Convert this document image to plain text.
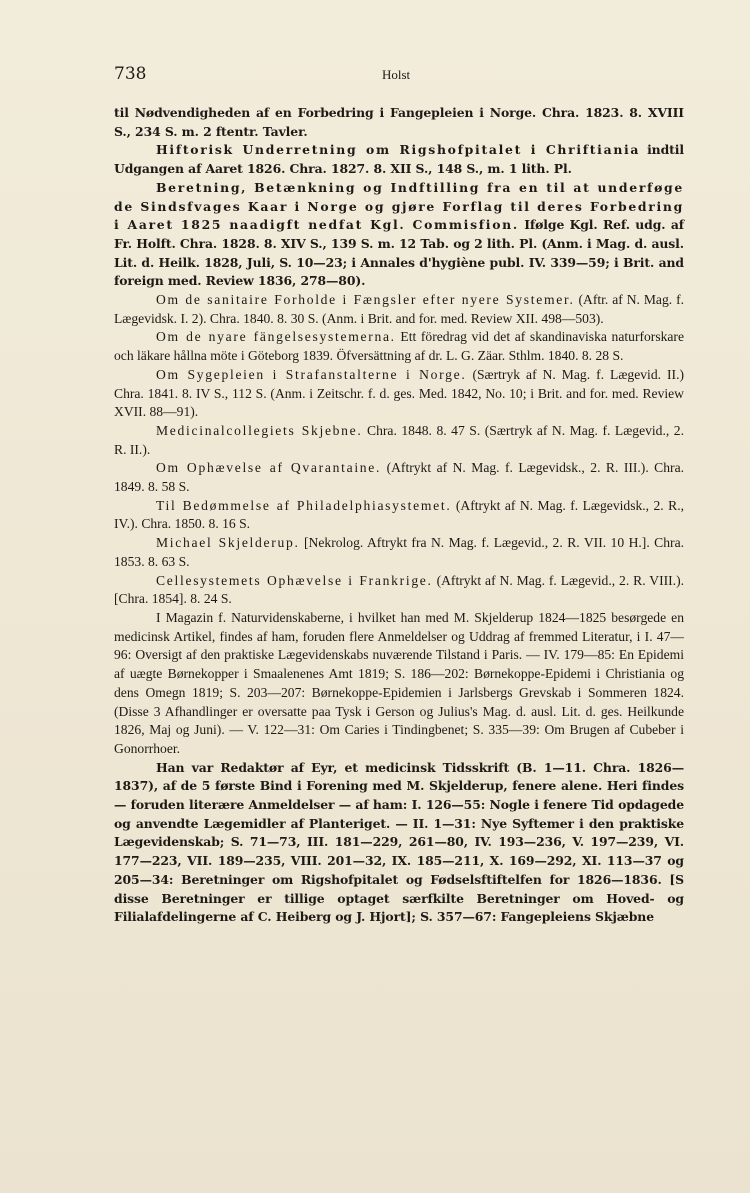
738	Holst

til Nødvendigheden af en Forbedring i Fangepleien i Norge. Chra. 1823. 8. XVIII S., 234 S. m. 2 ftentr. Tavler.

Hiftorisk Underretning om Rigshofpitalet i Chriftiania indtil Udgangen af Aaret 1826. Chra. 1827. 8. XII S., 148 S., m. 1 lith. Pl.

Beretning, Betænkning og Indftilling fra en til at underføge de Sindsfvages Kaar i Norge og gjøre Forflag til deres Forbedring i Aaret 1825 naadigft nedfat Kgl. Commisfion. Ifølge Kgl. Ref. udg. af Fr. Holft. Chra. 1828. 8. XIV S., 139 S. m. 12 Tab. og 2 lith. Pl. (Anm. i Mag. d. ausl. Lit. d. Heilk. 1828, Juli, S. 10—23; i Annales d'hygiène publ. IV. 339—59; i Brit. and foreign med. Review 1836, 278—80).

Om de sanitaire Forholde i Fængsler efter nyere Systemer. (Aftr. af N. Mag. f. Lægevidsk. I. 2). Chra. 1840. 8. 30 S. (Anm. i Brit. and for. med. Review XII. 498—503).

Om de nyare fängelsesystemerna. Ett föredrag vid det af skandinaviska naturforskare och läkare hållna möte i Göteborg 1839. Öfversättning af dr. L. G. Zäar. Sthlm. 1840. 8. 28 S.

Om Sygepleien i Strafanstalterne i Norge. (Særtryk af N. Mag. f. Lægevid. II.) Chra. 1841. 8. IV S., 112 S. (Anm. i Zeitschr. f. d. ges. Med. 1842, No. 10; i Brit. and for. med. Review XVII. 88—91).

Medicinalcollegiets Skjebne. Chra. 1848. 8. 47 S. (Særtryk af N. Mag. f. Lægevid., 2. R. II.).

Om Ophævelse af Qvarantaine. (Aftrykt af N. Mag. f. Lægevidsk., 2. R. III.). Chra. 1849. 8. 58 S.

Til Bedømmelse af Philadelphiasystemet. (Aftrykt af N. Mag. f. Lægevidsk., 2. R., IV.). Chra. 1850. 8. 16 S.

Michael Skjelderup. [Nekrolog. Aftrykt fra N. Mag. f. Lægevid., 2. R. VII. 10 H.]. Chra. 1853. 8. 63 S.

Cellesystemets Ophævelse i Frankrige. (Aftrykt af N. Mag. f. Lægevid., 2. R. VIII.). [Chra. 1854]. 8. 24 S.

I Magazin f. Naturvidenskaberne, i hvilket han med M. Skjelderup 1824—1825 besørgede en medicinsk Artikel, findes af ham, foruden flere Anmeldelser og Uddrag af fremmed Literatur, i I. 47—96: Oversigt af den praktiske Lægevidenskabs nuværende Tilstand i Paris. — IV. 179—85: En Epidemi af uægte Børnekopper i Smaalenenes Amt 1819; S. 186—202: Børnekoppe-Epidemi i Christiania og dens Omegn 1819; S. 203—207: Børnekoppe-Epidemien i Jarlsbergs Grevskab i Sommeren 1824. (Disse 3 Afhandlinger er oversatte paa Tysk i Gerson og Julius's Mag. d. ausl. Lit. d. ges. Heilkunde 1826, Maj og Juni). — V. 122—31: Om Caries i Tindingbenet; S. 335—39: Om Brugen af Cubeber i Gonorrhoer.

Han var Redaktør af Eyr, et medicinsk Tidsskrift (B. 1—11. Chra. 1826—1837), af de 5 første Bind i Forening med M. Skjelderup, fenere alene. Heri findes — foruden literære Anmeldelser — af ham: I. 126—55: Nogle i fenere Tid opdagede og anvendte Lægemidler af Planteriget. — II. 1—31: Nye Syftemer i den praktiske Lægevidenskab; S. 71—73, III. 181—229, 261—80, IV. 193—236, V. 197—239, VI. 177—223, VII. 189—235, VIII. 201—32, IX. 185—211, X. 169—292, XI. 113—37 og 205—34: Beretninger om Rigshofpitalet og Fødselsftiftelfen for 1826—1836. [Ѕ disse Beretninger er tillige optaget særfkilte Beretninger om Hoved- og Filialafdelingerne af C. Heiberg og J. Hjort]; S. 357—67: Fangepleiens Skjæbne
